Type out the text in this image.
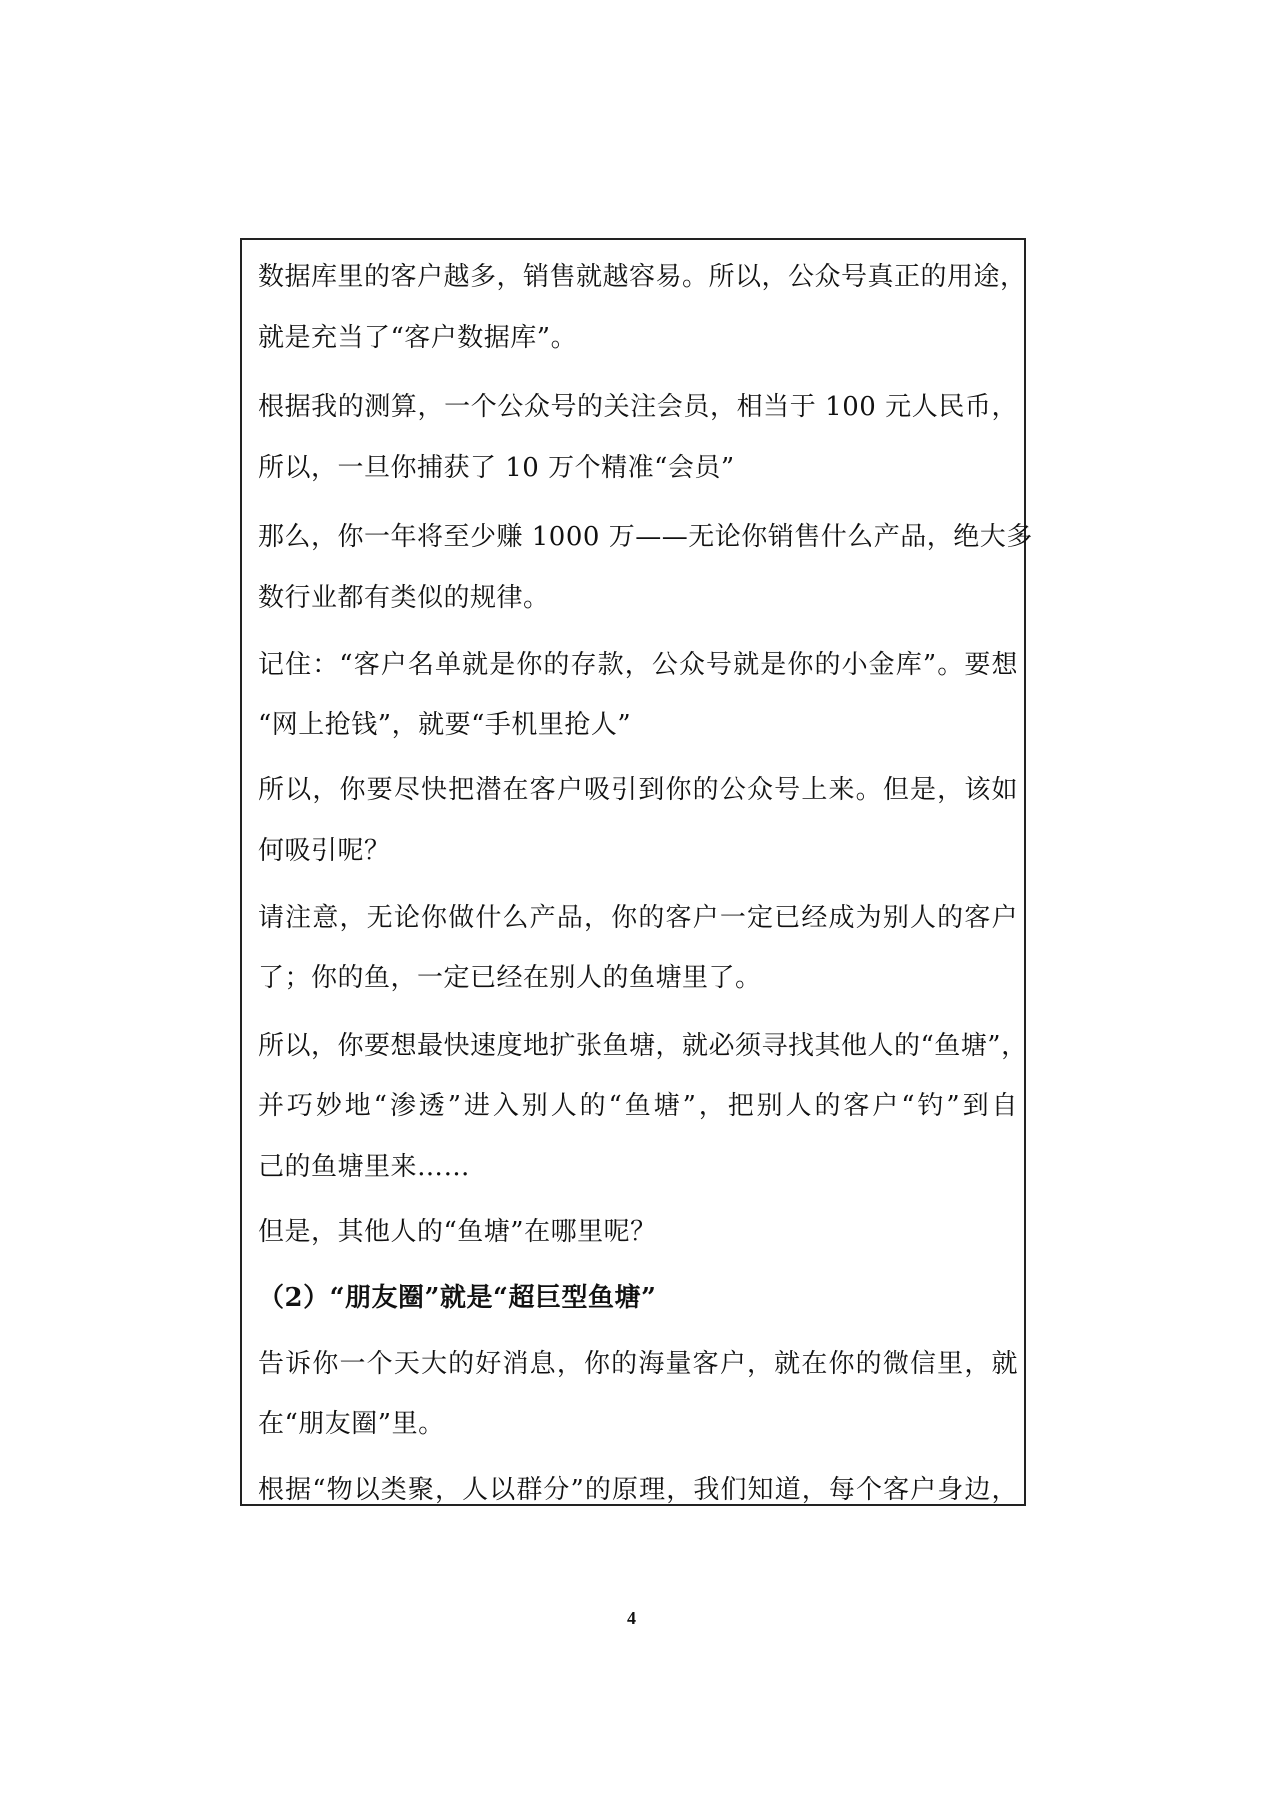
数据库里的客户越多，销售就越容易。所以，公众号真正的用途，
就是充当了“客户数据库”。
根据我的测算，一个公众号的关注会员，相当于 100 元人民币，
所以，一旦你捕获了 10 万个精准“会员”
那么，你一年将至少赚 1000 万——无论你销售什么产品，绝大多
数行业都有类似的规律。
记住：“客户名单就是你的存款，公众号就是你的小金库”。要想
“网上抢钱”，就要“手机里抢人”
所以，你要尽快把潜在客户吸引到你的公众号上来。但是，该如
何吸引呢？
请注意，无论你做什么产品，你的客户一定已经成为别人的客户
了；你的鱼，一定已经在别人的鱼塘里了。
所以，你要想最快速度地扩张鱼塘，就必须寻找其他人的“鱼塘”，
并巧妙地“渗透”进入别人的“鱼塘”，把别人的客户“钓”到自
己的鱼塘里来……
但是，其他人的“鱼塘”在哪里呢？
（2）“朋友圈”就是“超巨型鱼塘”
告诉你一个天大的好消息，你的海量客户，就在你的微信里，就
在“朋友圈”里。
根据“物以类聚，人以群分”的原理，我们知道，每个客户身边，
4
